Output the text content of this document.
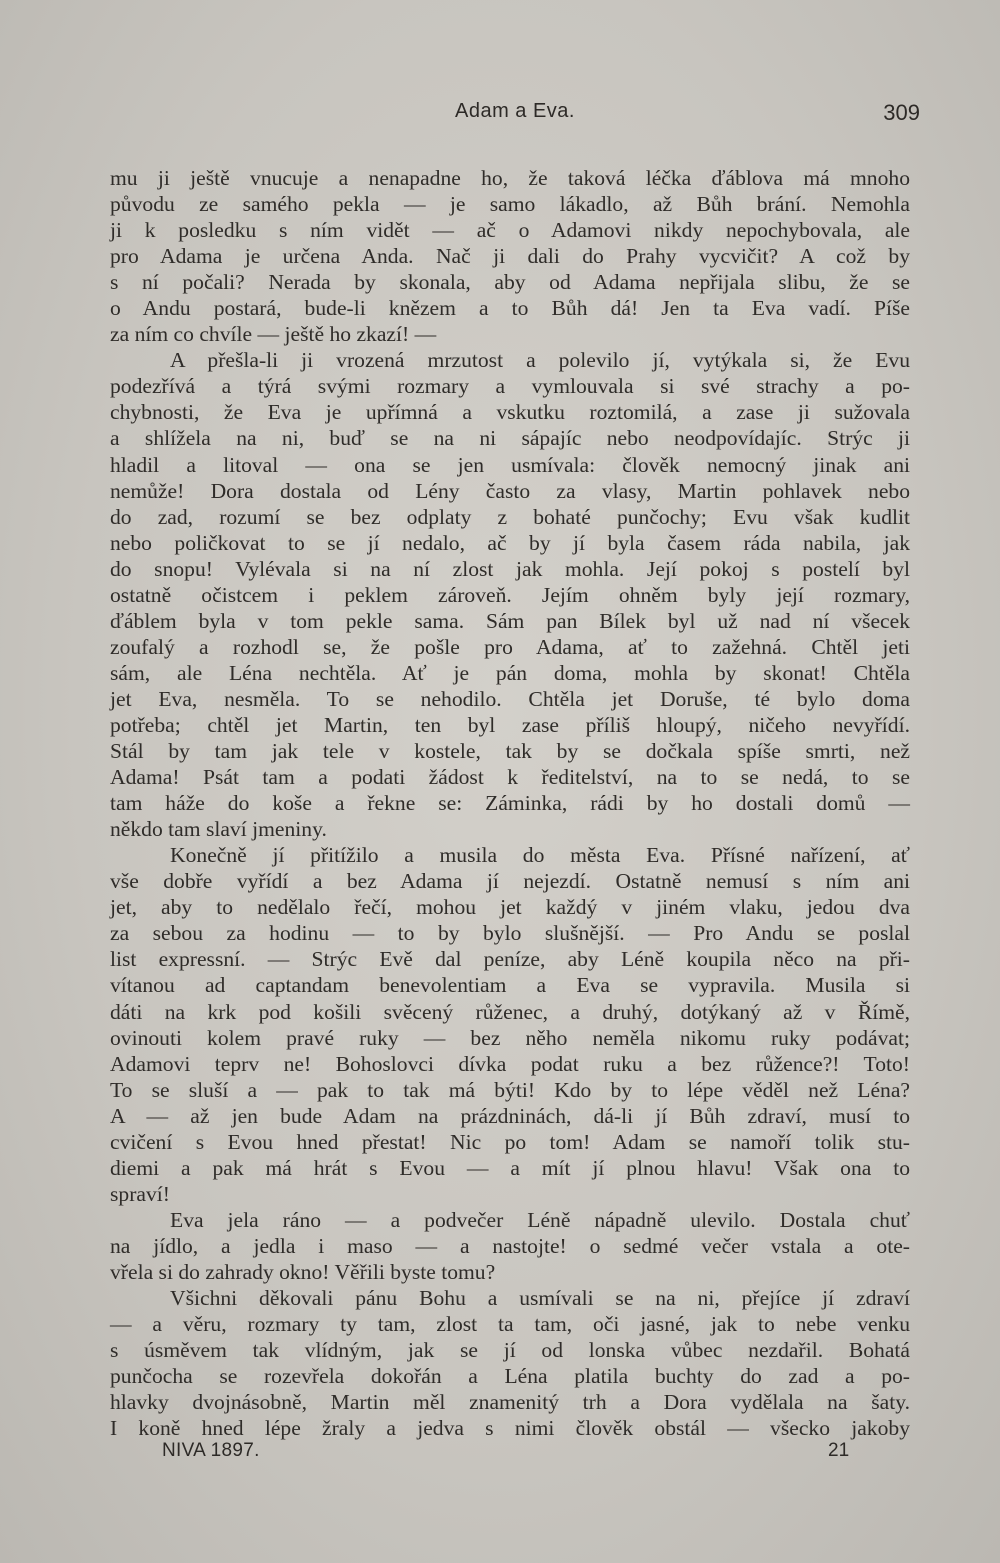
Adam a Eva.	309
mu ji ještě vnucuje a nenapadne ho, že taková léčka ďáblova má mnoho
původu ze samého pekla — je samo lákadlo, až Bůh brání. Nemohla
ji k posledku s ním vidět — ač o Adamovi nikdy nepochybovala, ale
pro Adama je určena Anda. Nač ji dali do Prahy vycvičit? A což by
s ní počali? Nerada by skonala, aby od Adama nepřijala slibu, že se
o Andu postará, bude-li knězem a to Bůh dá! Jen ta Eva vadí. Píše
za ním co chvíle — ještě ho zkazí! —
A přešla-li ji vrozená mrzutost a polevilo jí, vytýkala si, že Evu
podezřívá a týrá svými rozmary a vymlouvala si své strachy a po-
chybnosti, že Eva je upřímná a vskutku roztomilá, a zase ji sužovala
a shlížela na ni, buď se na ni sápajíc nebo neodpovídajíc. Strýc ji
hladil a litoval — ona se jen usmívala: člověk nemocný jinak ani
nemůže! Dora dostala od Lény často za vlasy, Martin pohlavek nebo
do zad, rozumí se bez odplaty z bohaté punčochy; Evu však kudlit
nebo poličkovat to se jí nedalo, ač by jí byla časem ráda nabila, jak
do snopu! Vylévala si na ní zlost jak mohla. Její pokoj s postelí byl
ostatně očistcem i peklem zároveň. Jejím ohněm byly její rozmary,
ďáblem byla v tom pekle sama. Sám pan Bílek byl už nad ní všecek
zoufalý a rozhodl se, že pošle pro Adama, ať to zažehná. Chtěl jeti
sám, ale Léna nechtěla. Ať je pán doma, mohla by skonat! Chtěla
jet Eva, nesměla. To se nehodilo. Chtěla jet Doruše, té bylo doma
potřeba; chtěl jet Martin, ten byl zase příliš hloupý, ničeho nevyřídí.
Stál by tam jak tele v kostele, tak by se dočkala spíše smrti, než
Adama! Psát tam a podati žádost k ředitelství, na to se nedá, to se
tam háže do koše a řekne se: Záminka, rádi by ho dostali domů —
někdo tam slaví jmeniny.
Konečně jí přitížilo a musila do města Eva. Přísné nařízení, ať
vše dobře vyřídí a bez Adama jí nejezdí. Ostatně nemusí s ním ani
jet, aby to nedělalo řečí, mohou jet každý v jiném vlaku, jedou dva
za sebou za hodinu — to by bylo slušnější. — Pro Andu se poslal
list expressní. — Strýc Evě dal peníze, aby Léně koupila něco na při-
vítanou ad captandam benevolentiam a Eva se vypravila. Musila si
dáti na krk pod košili svěcený růženec, a druhý, dotýkaný až v Římě,
ovinouti kolem pravé ruky — bez něho neměla nikomu ruky podávat;
Adamovi teprv ne! Bohoslovci dívka podat ruku a bez růžence?! Toto!
To se sluší a — pak to tak má býti! Kdo by to lépe věděl než Léna?
A — až jen bude Adam na prázdninách, dá-li jí Bůh zdraví, musí to
cvičení s Evou hned přestat! Nic po tom! Adam se namoří tolik stu-
diemi a pak má hrát s Evou — a mít jí plnou hlavu! Však ona to
spraví!
Eva jela ráno — a podvečer Léně nápadně ulevilo. Dostala chuť
na jídlo, a jedla i maso — a nastojte! o sedmé večer vstala a ote-
vřela si do zahrady okno! Věřili byste tomu?
Všichni děkovali pánu Bohu a usmívali se na ni, přejíce jí zdraví
— a věru, rozmary ty tam, zlost ta tam, oči jasné, jak to nebe venku
s úsměvem tak vlídným, jak se jí od lonska vůbec nezdařil. Bohatá
punčocha se rozevřela dokořán a Léna platila buchty do zad a po-
hlavky dvojnásobně, Martin měl znamenitý trh a Dora vydělala na šaty.
I koně hned lépe žraly a jedva s nimi člověk obstál — všecko jakoby
NIVA 1897.	21
